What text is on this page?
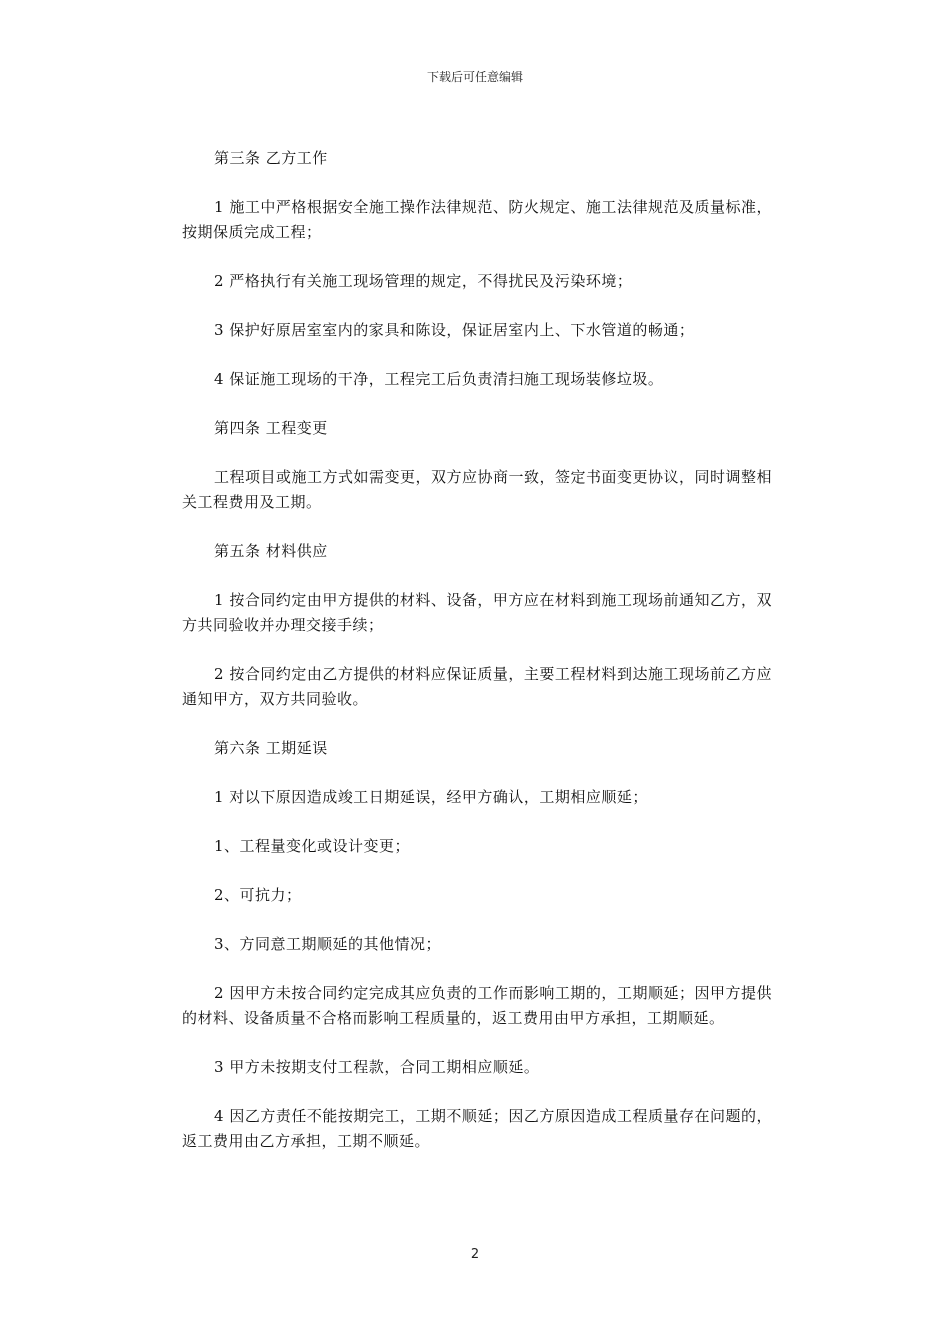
下载后可任意编辑

第三条 乙方工作

1 施工中严格根据安全施工操作法律规范、防火规定、施工法律规范及质量标准，按期保质完成工程；

2 严格执行有关施工现场管理的规定，不得扰民及污染环境；

3 保护好原居室室内的家具和陈设，保证居室内上、下水管道的畅通；

4 保证施工现场的干净，工程完工后负责清扫施工现场装修垃圾。

第四条 工程变更

工程项目或施工方式如需变更，双方应协商一致，签定书面变更协议，同时调整相关工程费用及工期。

第五条 材料供应

1 按合同约定由甲方提供的材料、设备，甲方应在材料到施工现场前通知乙方，双方共同验收并办理交接手续；

2 按合同约定由乙方提供的材料应保证质量，主要工程材料到达施工现场前乙方应通知甲方，双方共同验收。

第六条 工期延误

1 对以下原因造成竣工日期延误，经甲方确认，工期相应顺延；

1、工程量变化或设计变更；

2、可抗力；

3、方同意工期顺延的其他情况；

2 因甲方未按合同约定完成其应负责的工作而影响工期的，工期顺延；因甲方提供的材料、设备质量不合格而影响工程质量的，返工费用由甲方承担，工期顺延。

3 甲方未按期支付工程款，合同工期相应顺延。

4 因乙方责任不能按期完工，工期不顺延；因乙方原因造成工程质量存在问题的，返工费用由乙方承担，工期不顺延。

2
